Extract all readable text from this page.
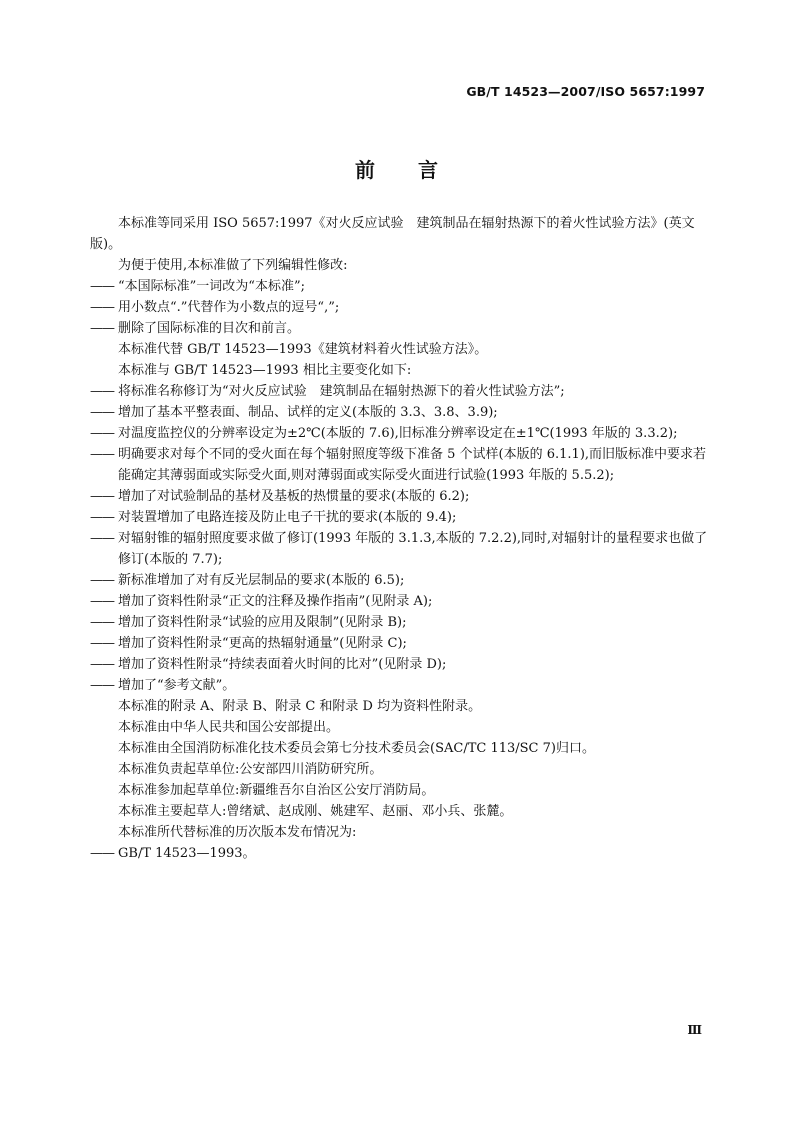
GB/T 14523—2007/ISO 5657:1997
前　　言

本标准等同采用 ISO 5657:1997《对火反应试验　建筑制品在辐射热源下的着火性试验方法》(英文版)。

为便于使用,本标准做了下列编辑性修改:

—— “本国际标准”一词改为“本标准”;
—— 用小数点“.”代替作为小数点的逗号“,”;
—— 删除了国际标准的目次和前言。

本标准代替 GB/T 14523—1993《建筑材料着火性试验方法》。

本标准与 GB/T 14523—1993 相比主要变化如下:

—— 将标准名称修订为“对火反应试验　建筑制品在辐射热源下的着火性试验方法”;
—— 增加了基本平整表面、制品、试样的定义(本版的 3.3、3.8、3.9);
—— 对温度监控仪的分辨率设定为±2℃(本版的 7.6),旧标准分辨率设定在±1℃(1993 年版的 3.3.2);
—— 明确要求对每个不同的受火面在每个辐射照度等级下准备 5 个试样(本版的 6.1.1),而旧版标准中要求若能确定其薄弱面或实际受火面,则对薄弱面或实际受火面进行试验(1993 年版的 5.5.2);
—— 增加了对试验制品的基材及基板的热惯量的要求(本版的 6.2);
—— 对装置增加了电路连接及防止电子干扰的要求(本版的 9.4);
—— 对辐射锥的辐射照度要求做了修订(1993 年版的 3.1.3,本版的 7.2.2),同时,对辐射计的量程要求也做了修订(本版的 7.7);
—— 新标准增加了对有反光层制品的要求(本版的 6.5);
—— 增加了资料性附录“正文的注释及操作指南”(见附录 A);
—— 增加了资料性附录“试验的应用及限制”(见附录 B);
—— 增加了资料性附录“更高的热辐射通量”(见附录 C);
—— 增加了资料性附录“持续表面着火时间的比对”(见附录 D);
—— 增加了“参考文献”。

本标准的附录 A、附录 B、附录 C 和附录 D 均为资料性附录。

本标准由中华人民共和国公安部提出。

本标准由全国消防标准化技术委员会第七分技术委员会(SAC/TC 113/SC 7)归口。

本标准负责起草单位:公安部四川消防研究所。

本标准参加起草单位:新疆维吾尔自治区公安厅消防局。

本标准主要起草人:曾绪斌、赵成刚、姚建军、赵丽、邓小兵、张麓。

本标准所代替标准的历次版本发布情况为:

—— GB/T 14523—1993。
Ⅲ
